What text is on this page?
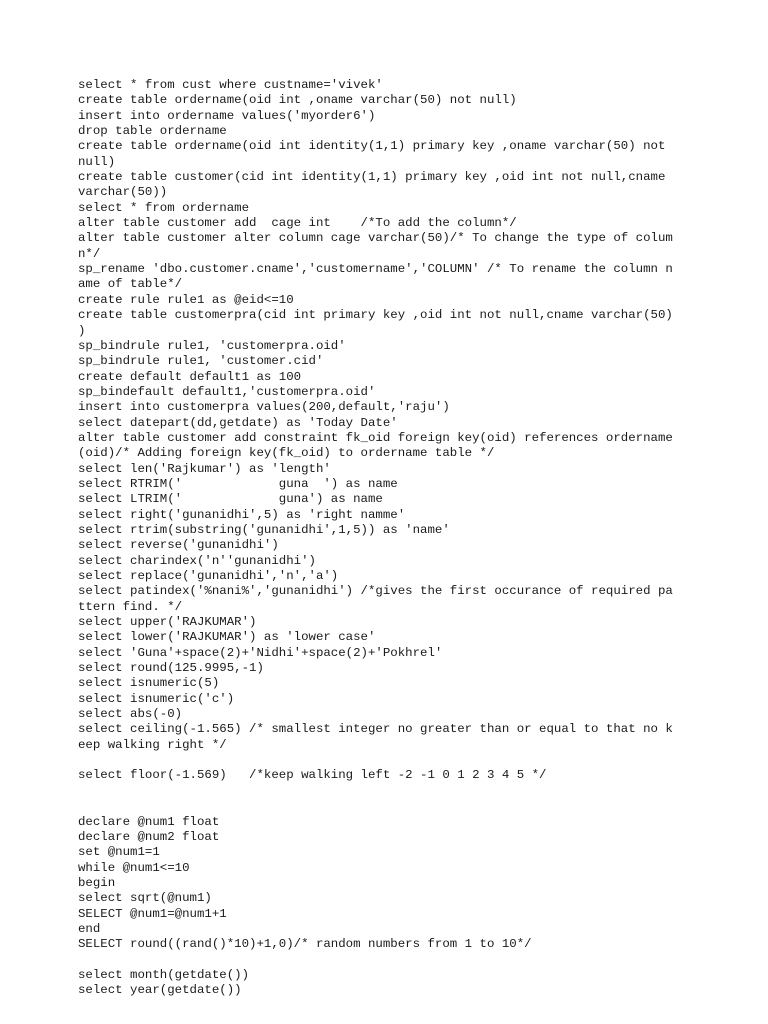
select * from cust where custname='vivek'
create table ordername(oid int ,oname varchar(50) not null)
insert into ordername values('myorder6')
drop table ordername
create table ordername(oid int identity(1,1) primary key ,oname varchar(50) not
null)
create table customer(cid int identity(1,1) primary key ,oid int not null,cname
varchar(50))
select * from ordername
alter table customer add  cage int    /*To add the column*/
alter table customer alter column cage varchar(50)/* To change the type of colum
n*/
sp_rename 'dbo.customer.cname','customername','COLUMN' /* To rename the column n
ame of table*/
create rule rule1 as @eid<=10
create table customerpra(cid int primary key ,oid int not null,cname varchar(50)
)
sp_bindrule rule1, 'customerpra.oid'
sp_bindrule rule1, 'customer.cid'
create default default1 as 100
sp_bindefault default1,'customerpra.oid'
insert into customerpra values(200,default,'raju')
select datepart(dd,getdate) as 'Today Date'
alter table customer add constraint fk_oid foreign key(oid) references ordername
(oid)/* Adding foreign key(fk_oid) to ordername table */
select len('Rajkumar') as 'length'
select RTRIM('             guna  ') as name
select LTRIM('             guna') as name
select right('gunanidhi',5) as 'right namme'
select rtrim(substring('gunanidhi',1,5)) as 'name'
select reverse('gunanidhi')
select charindex('n''gunanidhi')
select replace('gunanidhi','n','a')
select patindex('%nani%','gunanidhi') /*gives the first occurance of required pa
ttern find. */
select upper('RAJKUMAR')
select lower('RAJKUMAR') as 'lower case'
select 'Guna'+space(2)+'Nidhi'+space(2)+'Pokhrel'
select round(125.9995,-1)
select isnumeric(5)
select isnumeric('c')
select abs(-0)
select ceiling(-1.565) /* smallest integer no greater than or equal to that no k
eep walking right */
select floor(-1.569)   /*keep walking left -2 -1 0 1 2 3 4 5 */
declare @num1 float
declare @num2 float
set @num1=1
while @num1<=10
begin
select sqrt(@num1)
SELECT @num1=@num1+1
end
SELECT round((rand()*10)+1,0)/* random numbers from 1 to 10*/
select month(getdate())
select year(getdate())
